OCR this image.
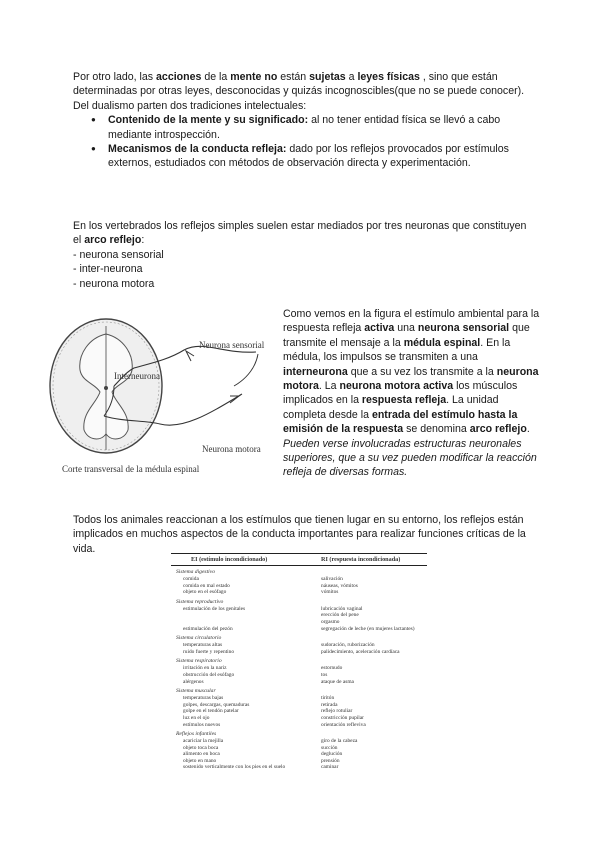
Por otro lado, las acciones de la mente no están sujetas a leyes físicas , sino que están determinadas por otras leyes, desconocidas y quizás incognoscibles(que no se puede conocer).

Del dualismo parten dos tradiciones intelectuales:

● Contenido de la mente y su significado: al no tener entidad física se llevó a cabo mediante introspección.
● Mecanismos de la conducta refleja: dado por los reflejos provocados por estímulos externos, estudiados con métodos de observación directa y experimentación.

En los vertebrados los reflejos simples suelen estar mediados por tres neuronas que constituyen el arco reflejo:

- neurona sensorial

- inter-neurona

- neurona motora

Neurona sensorial
Interneurona
Neurona motora
Corte transversal de la médula espinal

Como vemos en la figura el estímulo ambiental para la respuesta refleja activa una neurona sensorial que transmite el mensaje a la médula espinal. En la médula, los impulsos se transmiten a una interneurona que a su vez los transmite a la neurona motora. La neurona motora activa los músculos implicados en la respuesta refleja. La unidad completa desde la entrada del estímulo hasta la emisión de la respuesta se denomina arco reflejo. Pueden verse involucradas estructuras neuronales superiores, que a su vez pueden modificar la reacción refleja de diversas formas.

Todos los animales reaccionan a los estímulos que tienen lugar en su entorno, los reflejos están implicados en muchos aspectos de la conducta importantes para realizar funciones críticas de la vida.

EI (estímulo incondicionado)	RI (respuesta incondicionada)
Sistema digestivo
comida	salivación
comida en mal estado	náuseas, vómitos
objeto en el esófago	vómitos
Sistema reproductivo
estimulación de los genitales	lubricación vaginal
erección del pene
orgasmo
estimulación del pezón	segregación de leche (en mujeres lactantes)
Sistema circulatorio
temperaturas altas	sudoración, ruborización
ruido fuerte y repentino	palidecimiento, aceleración cardíaca
Sistema respiratorio
irritación en la nariz	estornudo
obstrucción del esófago	tos
alérgenos	ataque de asma
Sistema muscular
temperaturas bajas	tiritón
golpes, descargas, quemaduras	retirada
golpe en el tendón patelar	reflejo rotuliar
luz en el ojo	constricción pupilar
estímulos nuevos	orientación refleviva
Reflejos infantiles
acariciar la mejilla	giro de la cabeza
objeto toca boca	succión
alimento en boca	deglución
objeto en mano	prensión
sostenido verticalmente con los pies en el suelo	caminar
